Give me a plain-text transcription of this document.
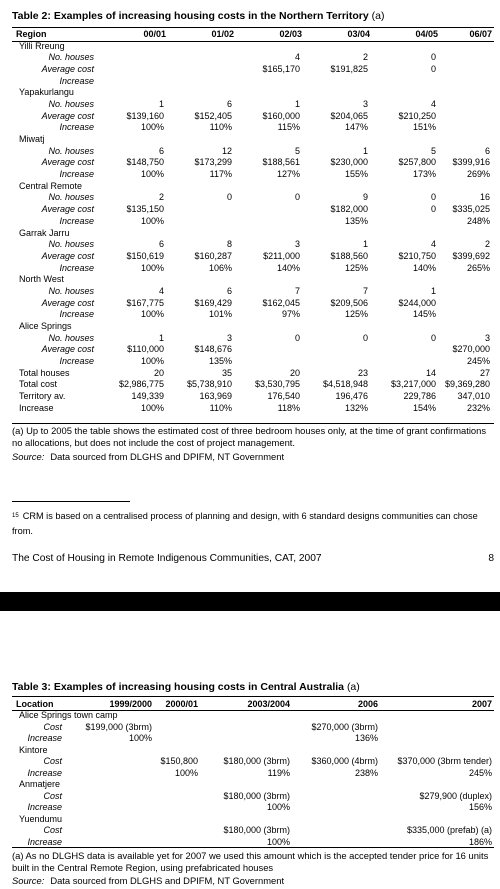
Table 2: Examples of increasing housing costs in the Northern Territory (a)
Region	00/01	01/02	02/03	03/04	04/05	06/07
Yilli Rreung						
No. houses			4	2	0	
Average cost			$165,170	$191,825	0	
Increase						
Yapakurlangu						
No. houses	1	6	1	3	4	
Average cost	$139,160	$152,405	$160,000	$204,065	$210,250	
Increase	100%	110%	115%	147%	151%	
Miwatj						
No. houses	6	12	5	1	5	6
Average cost	$148,750	$173,299	$188,561	$230,000	$257,800	$399,916
Increase	100%	117%	127%	155%	173%	269%
Central Remote						
No. houses	2	0	0	9	0	16
Average cost	$135,150			$182,000	0	$335,025
Increase	100%			135%		248%
Garrak Jarru						
No. houses	6	8	3	1	4	2
Average cost	$150,619	$160,287	$211,000	$188,560	$210,750	$399,692
Increase	100%	106%	140%	125%	140%	265%
North West						
No. houses	4	6	7	7	1	
Average cost	$167,775	$169,429	$162,045	$209,506	$244,000	
Increase	100%	101%	97%	125%	145%	
Alice Springs						
No. houses	1	3	0	0	0	3
Average cost	$110,000	$148,676				$270,000
Increase	100%	135%				245%
Total houses	20	35	20	23	14	27
Total cost	$2,986,775	$5,738,910	$3,530,795	$4,518,948	$3,217,000	$9,369,280
Territory av.	149,339	163,969	176,540	196,476	229,786	347,010
Increase	100%	110%	118%	132%	154%	232%
(a) Up to 2005 the table shows the estimated cost of three bedroom houses only, at the time of grant confirmations no allocations, but does not include the cost of project management.
Source: Data sourced from DLGHS and DPIFM, NT Government
$^{15}$ CRM is based on a centralised process of planning and design, with 6 standard designs communities can chose from.
The Cost of Housing in Remote Indigenous Communities, CAT, 2007	8
Table 3: Examples of increasing housing costs in Central Australia (a)
Location	1999/2000	2000/01	2003/2004	2006	2007
Alice Springs town camp					
Cost	$199,000 (3brm)			$270,000 (3brm)	
Increase	100%			136%	
Kintore					
Cost		$150,800	$180,000 (3brm)	$360,000 (4brm)	$370,000 (3brm tender)
Increase		100%	119%	238%	245%
Anmatjere					
Cost			$180,000 (3brm)		$279,900 (duplex)
Increase			100%		156%
Yuendumu					
Cost			$180,000 (3brm)		$335,000 (prefab) (a)
Increase			100%		186%
(a) As no DLGHS data is available yet for 2007 we used this amount which is the accepted tender price for 16 units built in the Central Remote Region, using prefabricated houses
Source: Data sourced from DLGHS and DPIFM, NT Government
